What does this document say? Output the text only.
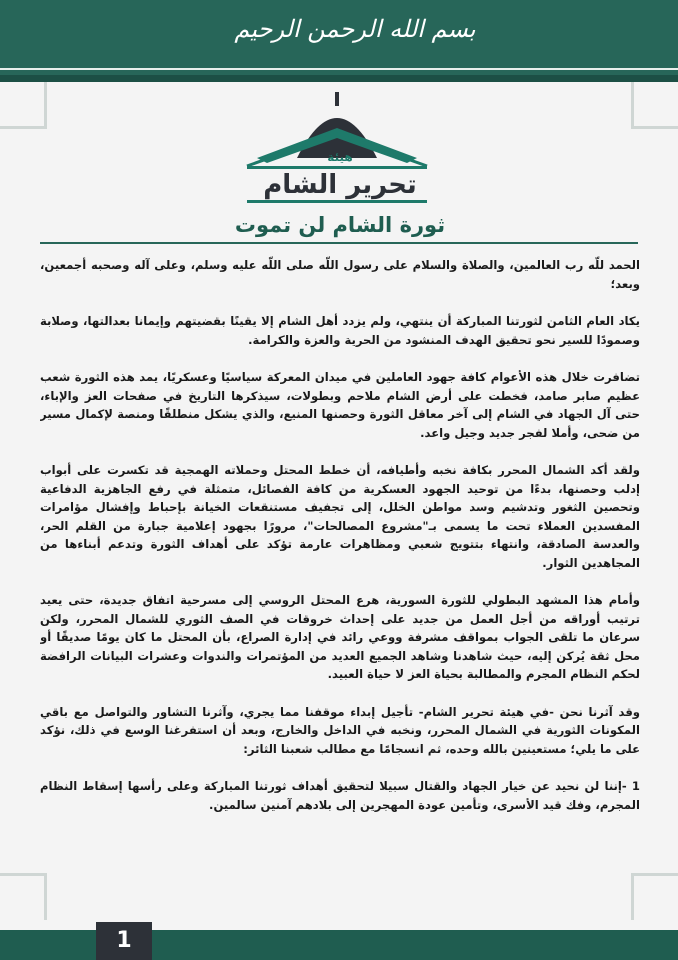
بسم الله الرحمن الرحيم
هيئة
تحرير الشام
ثورة الشام لن تموت

الحمد للّه رب العالمين، والصلاة والسلام على رسول اللّه صلى اللّه عليه وسلم، وعلى آله وصحبه أجمعين، وبعد؛

يكاد العام الثامن لثورتنا المباركة أن ينتهي، ولم يزدد أهل الشام إلا يقينًا بقضيتهم وإيمانا بعدالتها، وصلابة وصمودًا للسير نحو تحقيق الهدف المنشود من الحرية والعزة والكرامة.

تضافرت خلال هذه الأعوام كافة جهود العاملين في ميدان المعركة سياسيًا وعسكريًا، يمد هذه الثورة شعب عظيم صابر صامد، فخطت على أرض الشام ملاحم وبطولات، سيذكرها التاريخ في صفحات العز والإباء، حتى آل الجهاد في الشام إلى آخر معاقل الثورة وحصنها المنيع، والذي يشكل منطلقًا ومنصة لإكمال مسير من ضحى، وأملا لفجر جديد وجيل واعد.

ولقد أكد الشمال المحرر بكافة نخبه وأطيافه، أن خطط المحتل وحملاته الهمجية قد تكسرت على أبواب إدلب وحصنها، بدءًا من توحيد الجهود العسكرية من كافة الفصائل، متمثلة في رفع الجاهزية الدفاعية وتحصين الثغور وتدشيم وسد مواطن الخلل، إلى تجفيف مستنقعات الخيانة بإحباط وإفشال مؤامرات المفسدين العملاء تحت ما يسمى بـ"مشروع المصالحات"، مرورًا بجهود إعلامية جبارة من القلم الحر، والعدسة الصادقة، وانتهاء بتتويج شعبي ومظاهرات عارمة تؤكد على أهداف الثورة وتدعم أبناءها من المجاهدين الثوار.

وأمام هذا المشهد البطولي للثورة السورية، هرع المحتل الروسي إلى مسرحية اتفاق جديدة، حتى يعيد ترتيب أوراقه من أجل العمل من جديد على إحداث خروقات في الصف الثوري للشمال المحرر، ولكن سرعان ما تلقى الجواب بمواقف مشرفة ووعي رائد في إدارة الصراع، بأن المحتل ما كان يومًا صديقًا أو محل ثقة يُركن إليه، حيث شاهدنا وشاهد الجميع العديد من المؤتمرات والندوات وعشرات البيانات الرافضة لحكم النظام المجرم والمطالبة بحياة العز لا حياة العبيد.

وقد آثرنا نحن -في هيئة تحرير الشام- تأجيل إبداء موقفنا مما يجري، وآثرنا التشاور والتواصل مع باقي المكونات الثورية في الشمال المحرر، ونخبه في الداخل والخارج، وبعد أن استفرغنا الوسع في ذلك، نؤكد على ما يلي؛ مستعينين بالله وحده، ثم انسجامًا مع مطالب شعبنا الثائر:

1 -إننا لن نحيد عن خيار الجهاد والقتال سبيلا لتحقيق أهداف ثورتنا المباركة وعلى رأسها إسقاط النظام المجرم، وفك قيد الأسرى، وتأمين عودة المهجرين إلى بلادهم آمنين سالمين.

1
